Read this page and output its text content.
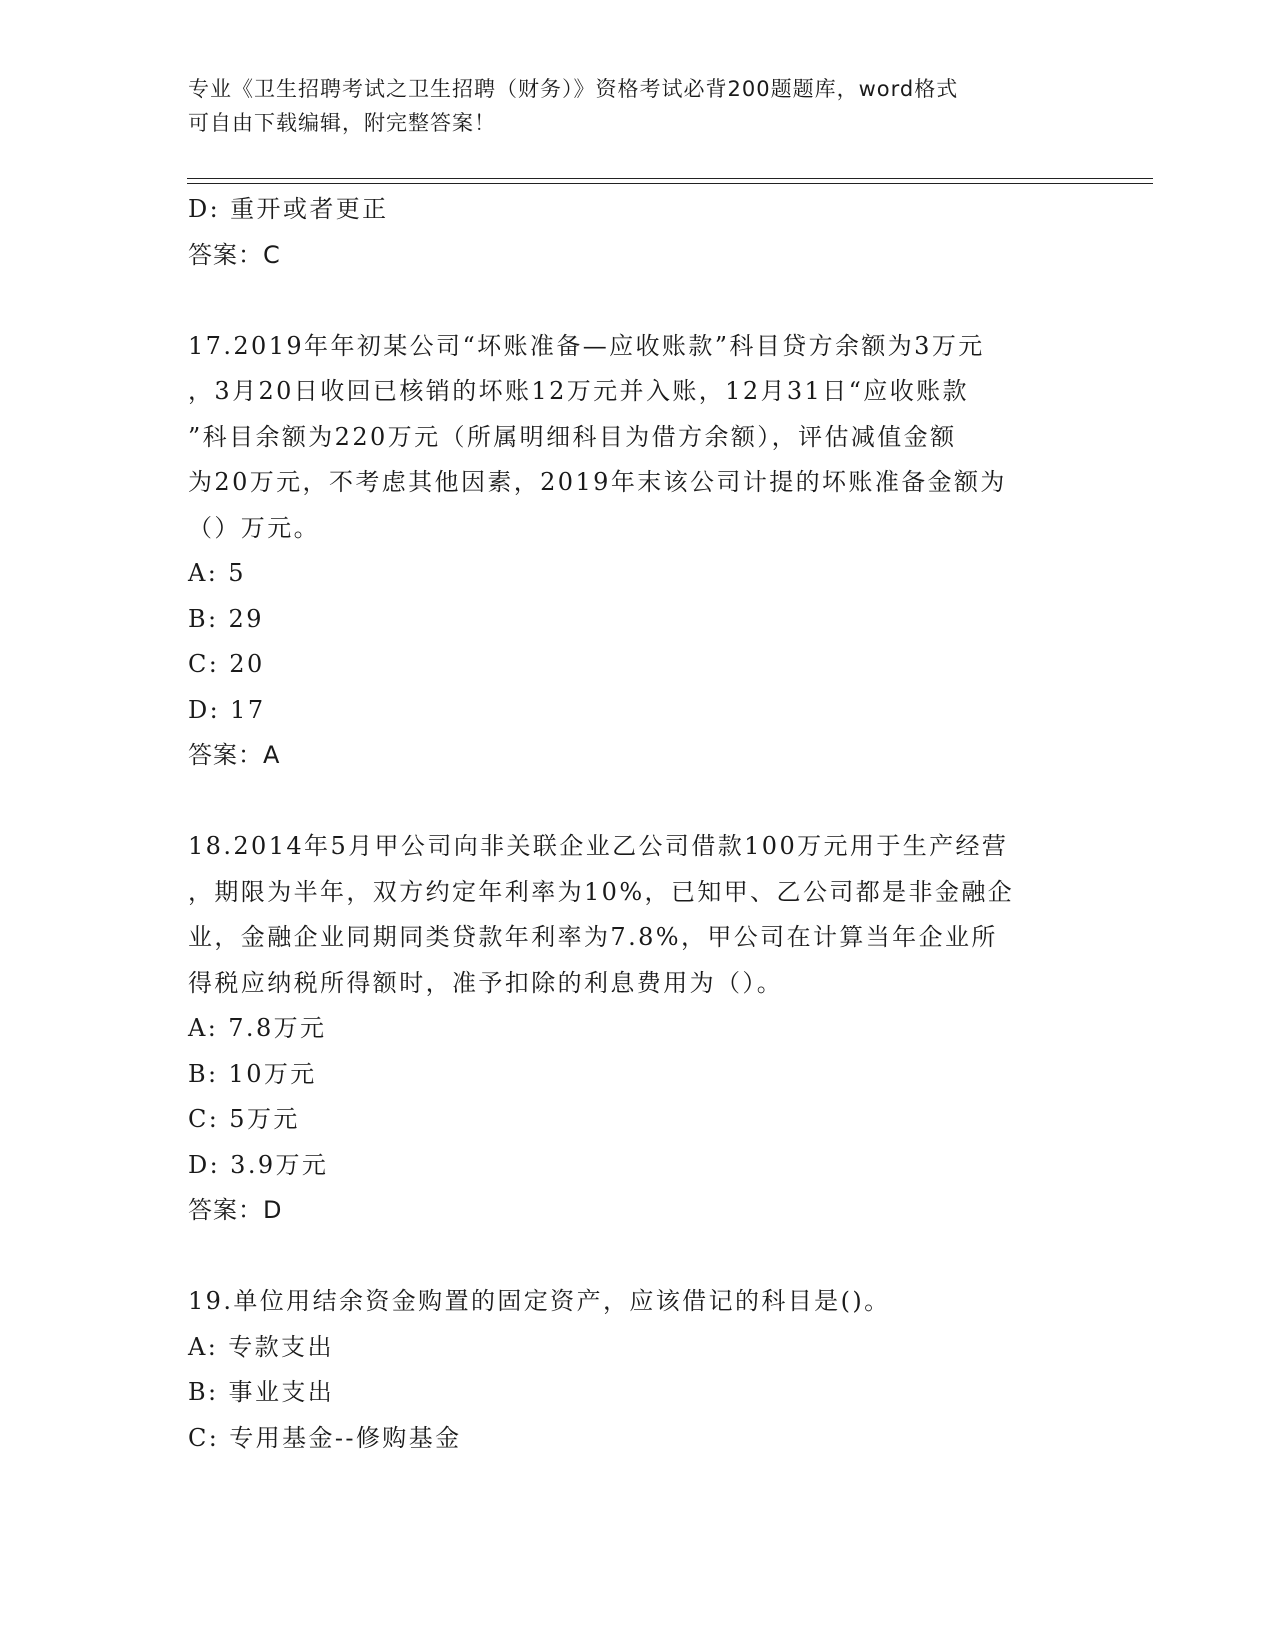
专业《卫生招聘考试之卫生招聘（财务）》资格考试必背200题题库，word格式
可自由下载编辑，附完整答案！

D: 重开或者更正

答案：C

17.2019年年初某公司“坏账准备—应收账款”科目贷方余额为3万元

，3月20日收回已核销的坏账12万元并入账，12月31日“应收账款

”科目余额为220万元（所属明细科目为借方余额），评估减值金额

为20万元，不考虑其他因素，2019年末该公司计提的坏账准备金额为

（）万元。

A: 5

B: 29

C: 20

D: 17

答案：A

18.2014年5月甲公司向非关联企业乙公司借款100万元用于生产经营

，期限为半年，双方约定年利率为10%，已知甲、乙公司都是非金融企

业，金融企业同期同类贷款年利率为7.8%，甲公司在计算当年企业所

得税应纳税所得额时，准予扣除的利息费用为（）。

A: 7.8万元

B: 10万元

C: 5万元

D: 3.9万元

答案：D

19.单位用结余资金购置的固定资产，应该借记的科目是()。

A: 专款支出

B: 事业支出

C: 专用基金--修购基金
